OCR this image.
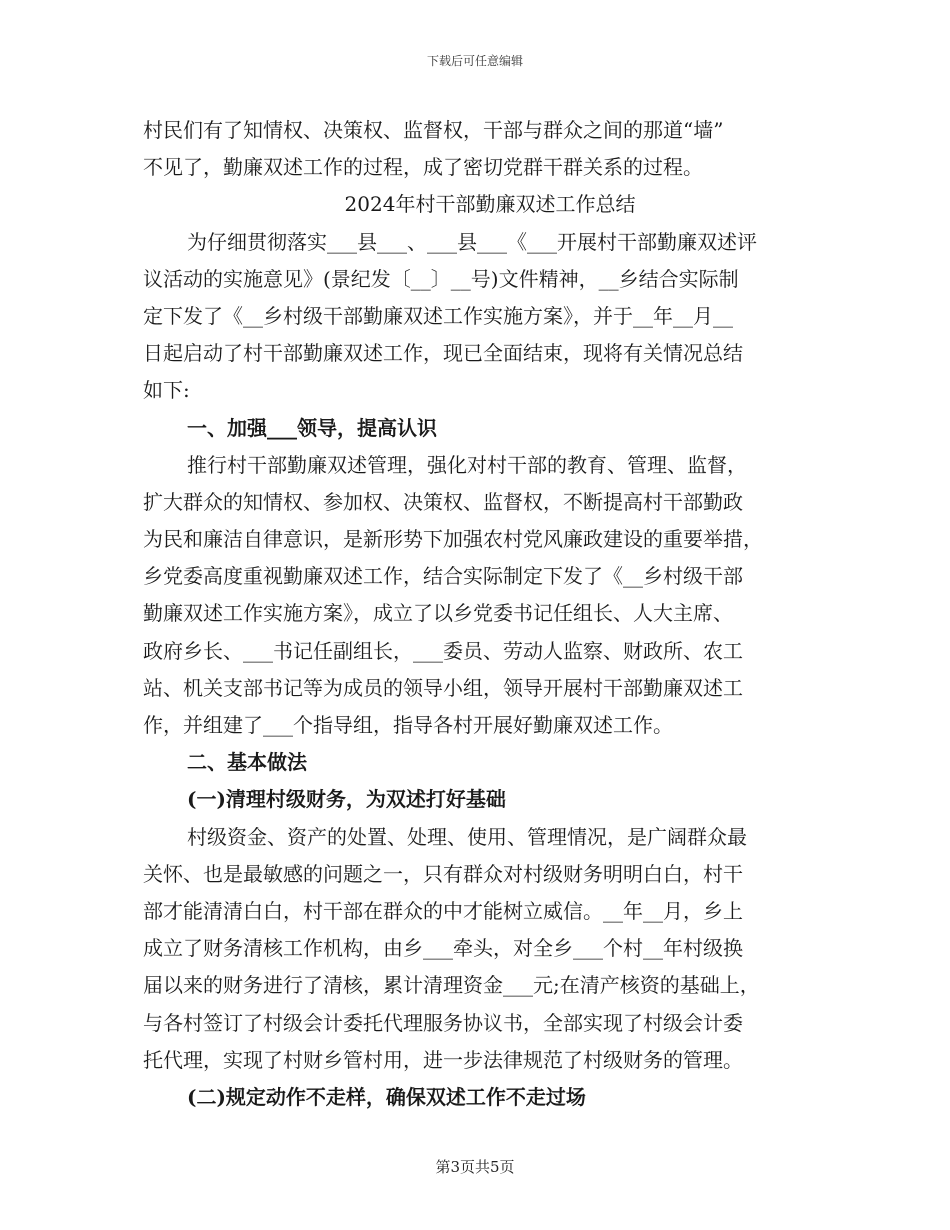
下载后可任意编辑
村民们有了知情权、决策权、监督权，干部与群众之间的那道“墙”
不见了，勤廉双述工作的过程，成了密切党群干群关系的过程。
2024年村干部勤廉双述工作总结
为仔细贯彻落实___县___、___县___《___开展村干部勤廉双述评
议活动的实施意见》(景纪发〔__〕__号)文件精神，__乡结合实际制
定下发了《__乡村级干部勤廉双述工作实施方案》，并于__年__月__
日起启动了村干部勤廉双述工作，现已全面结束，现将有关情况总结
如下:
一、加强___领导，提高认识
推行村干部勤廉双述管理，强化对村干部的教育、管理、监督，
扩大群众的知情权、参加权、决策权、监督权，不断提高村干部勤政
为民和廉洁自律意识，是新形势下加强农村党风廉政建设的重要举措，
乡党委高度重视勤廉双述工作，结合实际制定下发了《__乡村级干部
勤廉双述工作实施方案》，成立了以乡党委书记任组长、人大主席、
政府乡长、___书记任副组长，___委员、劳动人监察、财政所、农工
站、机关支部书记等为成员的领导小组，领导开展村干部勤廉双述工
作，并组建了___个指导组，指导各村开展好勤廉双述工作。
二、基本做法
(一)清理村级财务，为双述打好基础
村级资金、资产的处置、处理、使用、管理情况，是广阔群众最
关怀、也是最敏感的问题之一，只有群众对村级财务明明白白，村干
部才能清清白白，村干部在群众的中才能树立威信。__年__月，乡上
成立了财务清核工作机构，由乡___牵头，对全乡___个村__年村级换
届以来的财务进行了清核，累计清理资金___元;在清产核资的基础上，
与各村签订了村级会计委托代理服务协议书，全部实现了村级会计委
托代理，实现了村财乡管村用，进一步法律规范了村级财务的管理。
(二)规定动作不走样，确保双述工作不走过场
第3页共5页
